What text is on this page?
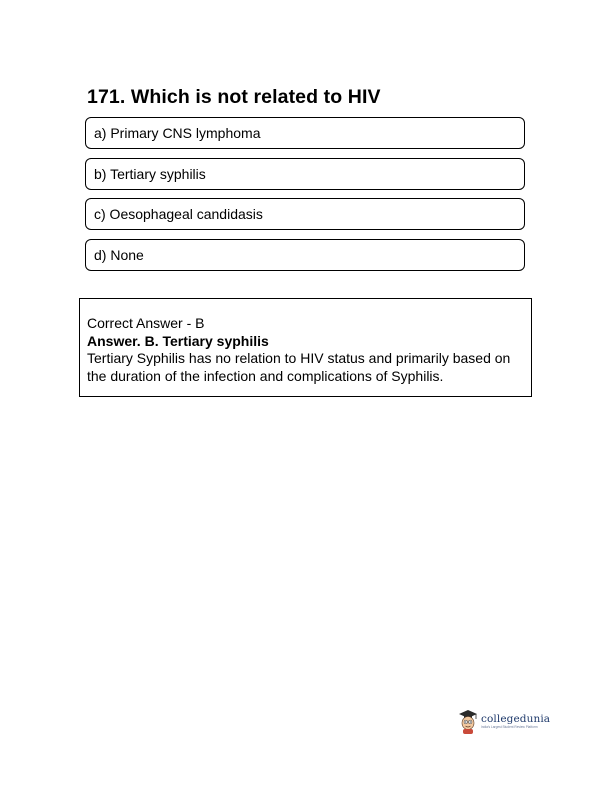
171. Which is not related to HIV
a) Primary CNS lymphoma
b) Tertiary syphilis
c) Oesophageal candidasis
d) None
Correct Answer - B
Answer. B. Tertiary syphilis
Tertiary Syphilis has no relation to HIV status and primarily based on
the duration of the infection and complications of Syphilis.
collegedunia
India's Largest Student Review Platform
